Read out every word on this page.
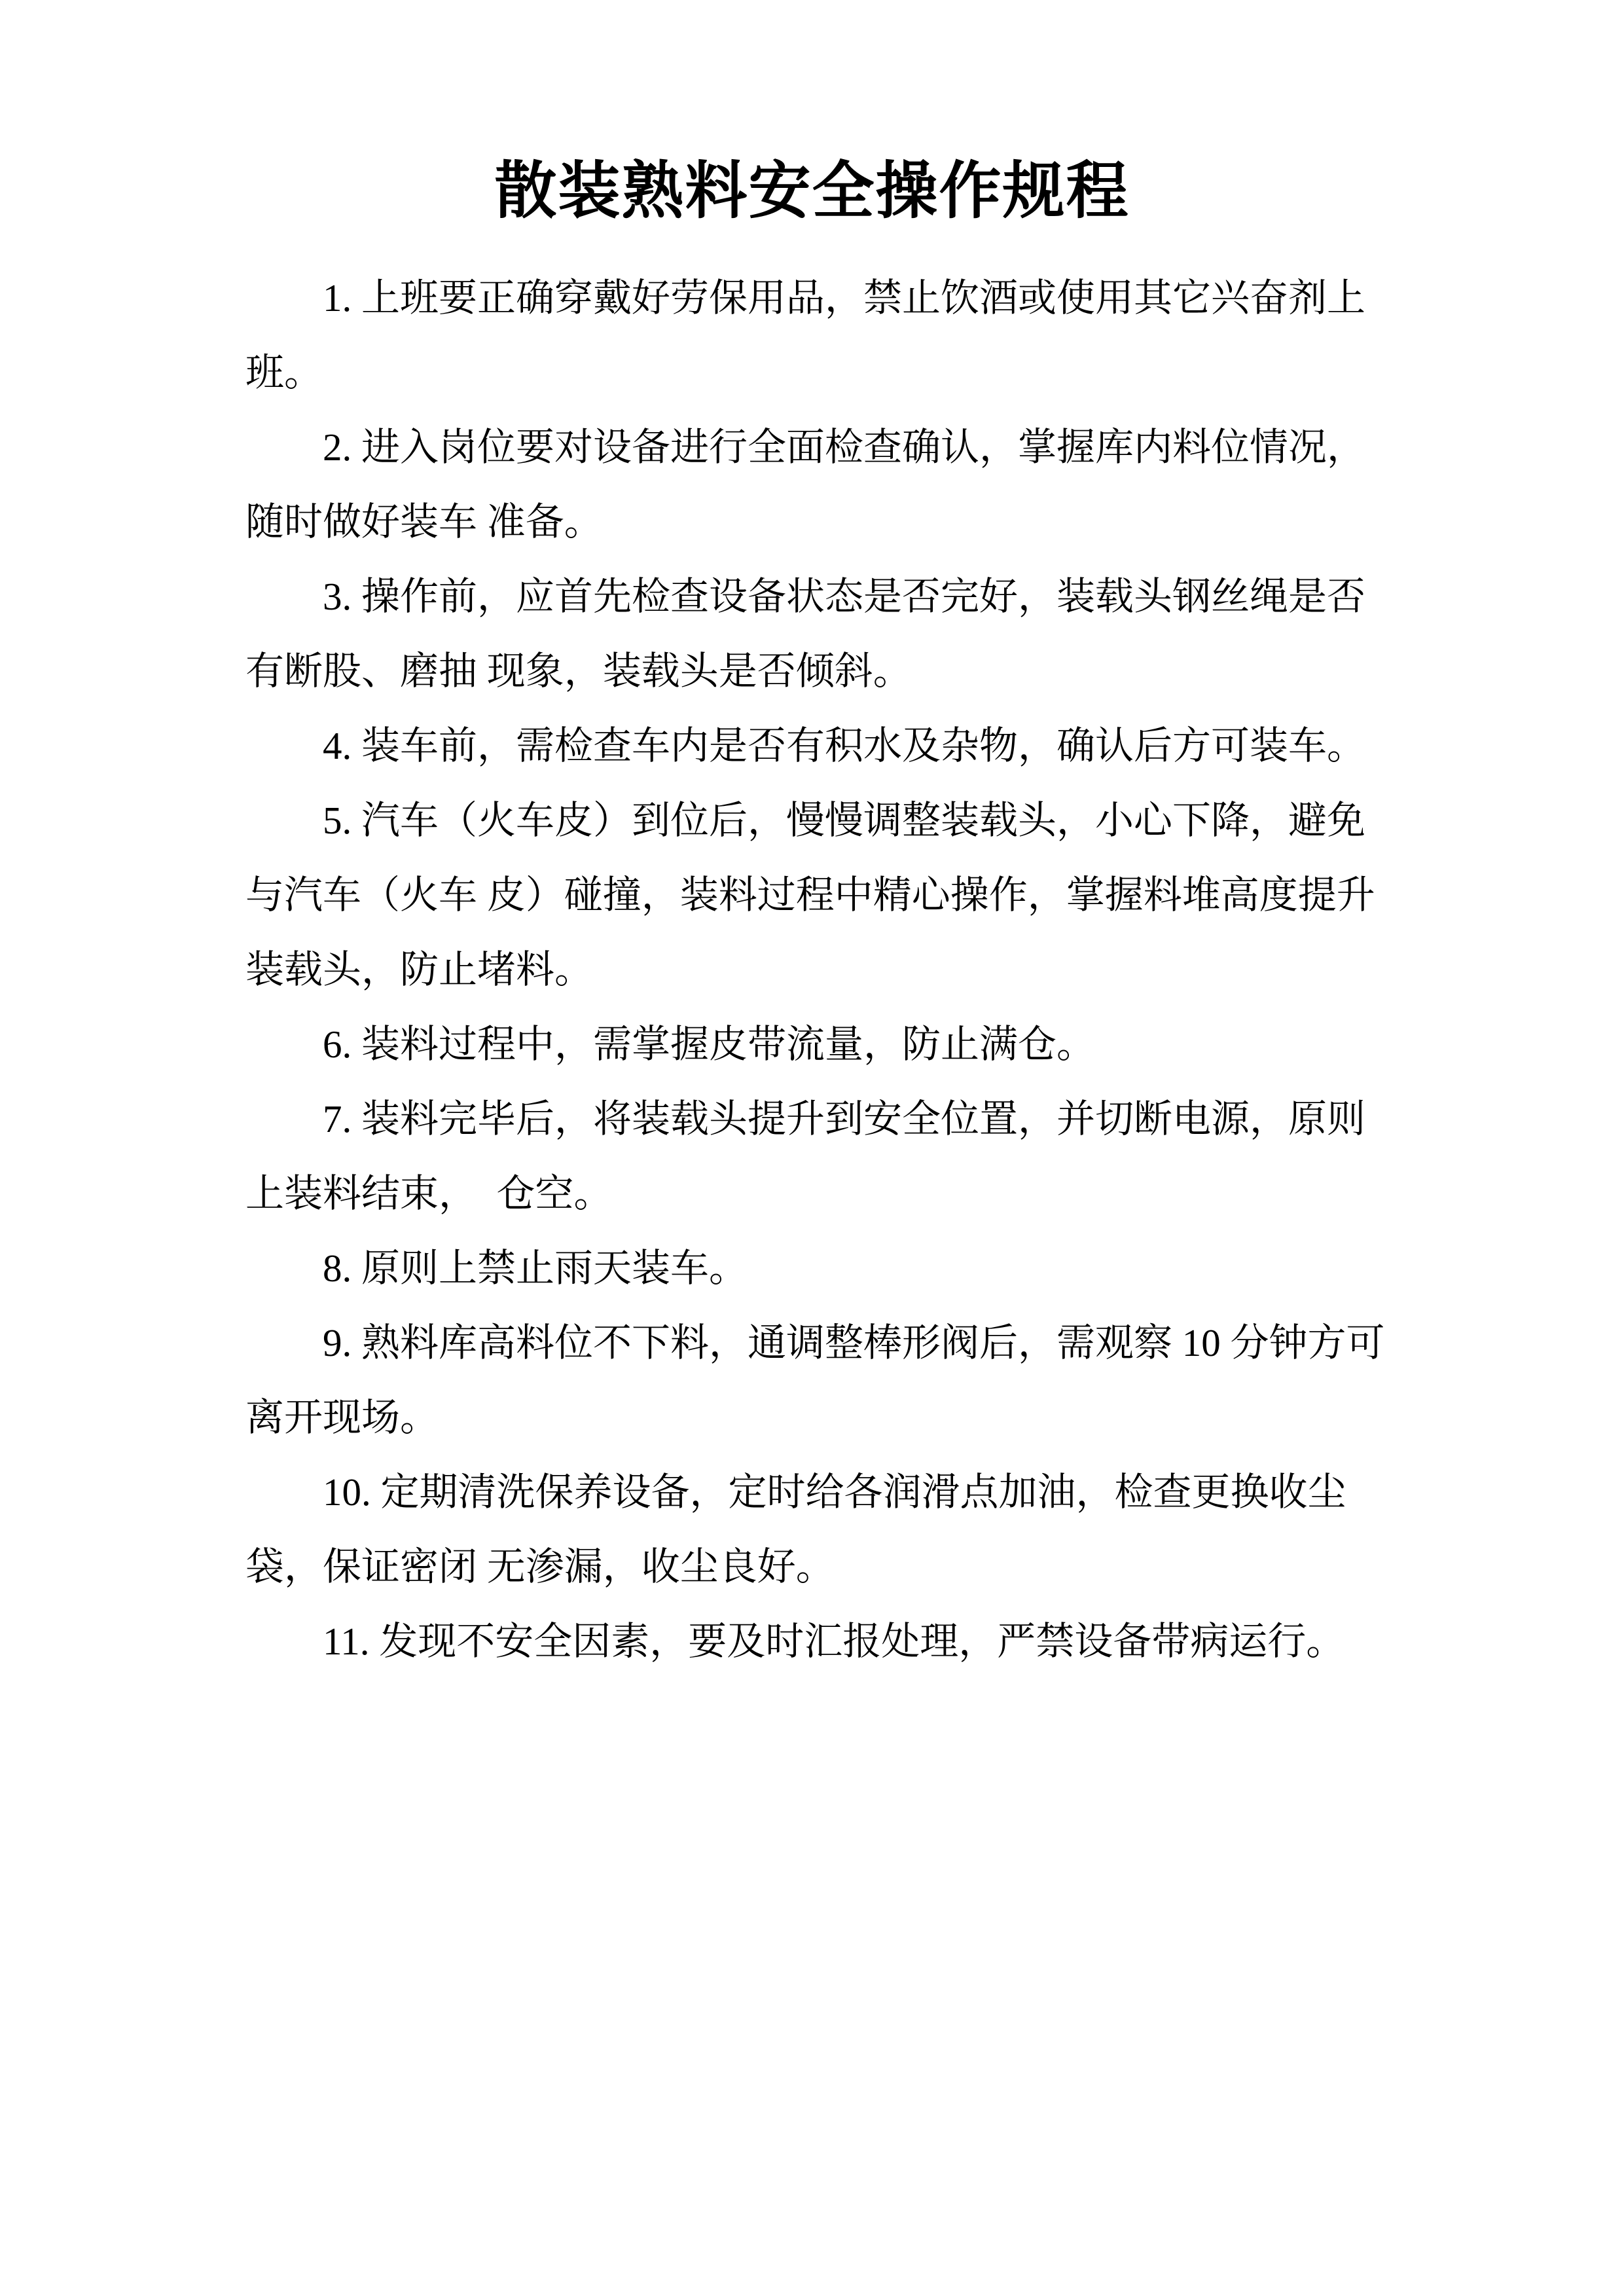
散装熟料安全操作规程
1. 上班要正确穿戴好劳保用品，禁止饮酒或使用其它兴奋剂上
班。
2. 进入岗位要对设备进行全面检查确认，掌握库内料位情况，
随时做好装车 准备。
3. 操作前，应首先检查设备状态是否完好，装载头钢丝绳是否
有断股、磨抽 现象，装载头是否倾斜。
4. 装车前，需检查车内是否有积水及杂物，确认后方可装车。
5. 汽车（火车皮）到位后，慢慢调整装载头，小心下降，避免
与汽车（火车 皮）碰撞，装料过程中精心操作，掌握料堆高度提升
装载头，防止堵料。
6. 装料过程中，需掌握皮带流量，防止满仓。
7. 装料完毕后，将装载头提升到安全位置，并切断电源，原则
上装料结束，　仓空。
8. 原则上禁止雨天装车。
9. 熟料库高料位不下料，通调整棒形阀后，需观察 10 分钟方可
离开现场。
10. 定期清洗保养设备，定时给各润滑点加油，检查更换收尘
袋，保证密闭 无渗漏，收尘良好。
11. 发现不安全因素，要及时汇报处理，严禁设备带病运行。
